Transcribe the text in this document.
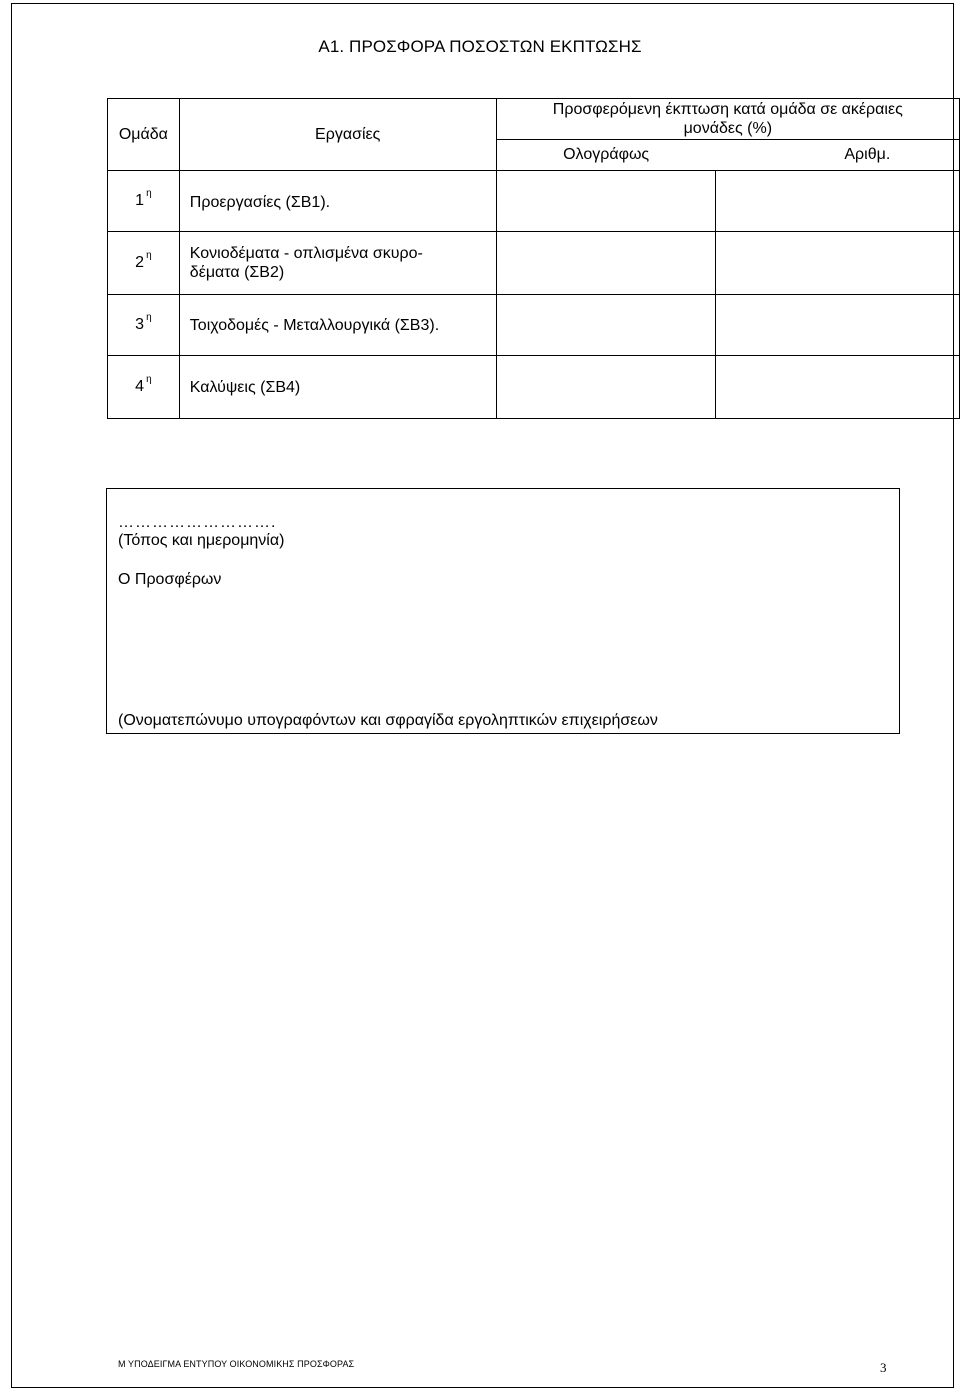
Α1. ΠΡΟΣΦΟΡΑ ΠΟΣΟΣΤΩΝ ΕΚΠΤΩΣΗΣ
Ομάδα	Εργασίες	Προσφερόμενη έκπτωση κατά ομάδα σε ακέραιες
μονάδες (%)	

		Ολογράφως	Αριθμ.
1 $^\eta$	Προεργασίες (ΣΒ1).		

2 $^\eta$	Κονιοδέματα - οπλισμένα σκυρο-
δέματα (ΣΒ2)		

3 $^\eta$	Τοιχοδομές - Μεταλλουργικά (ΣΒ3).		

4 $^\eta$	Καλύψεις (ΣΒ4)		

……………………….
(Τόπος και ημερομηνία)
Ο Προσφέρων
(Ονοματεπώνυμο υπογραφόντων και σφραγίδα εργοληπτικών επιχειρήσεων
Μ ΥΠΟΔΕΙΓΜΑ ΕΝΤΥΠΟΥ ΟΙΚΟΝΟΜΙΚΗΣ ΠΡΟΣΦΟΡΑΣ	3
